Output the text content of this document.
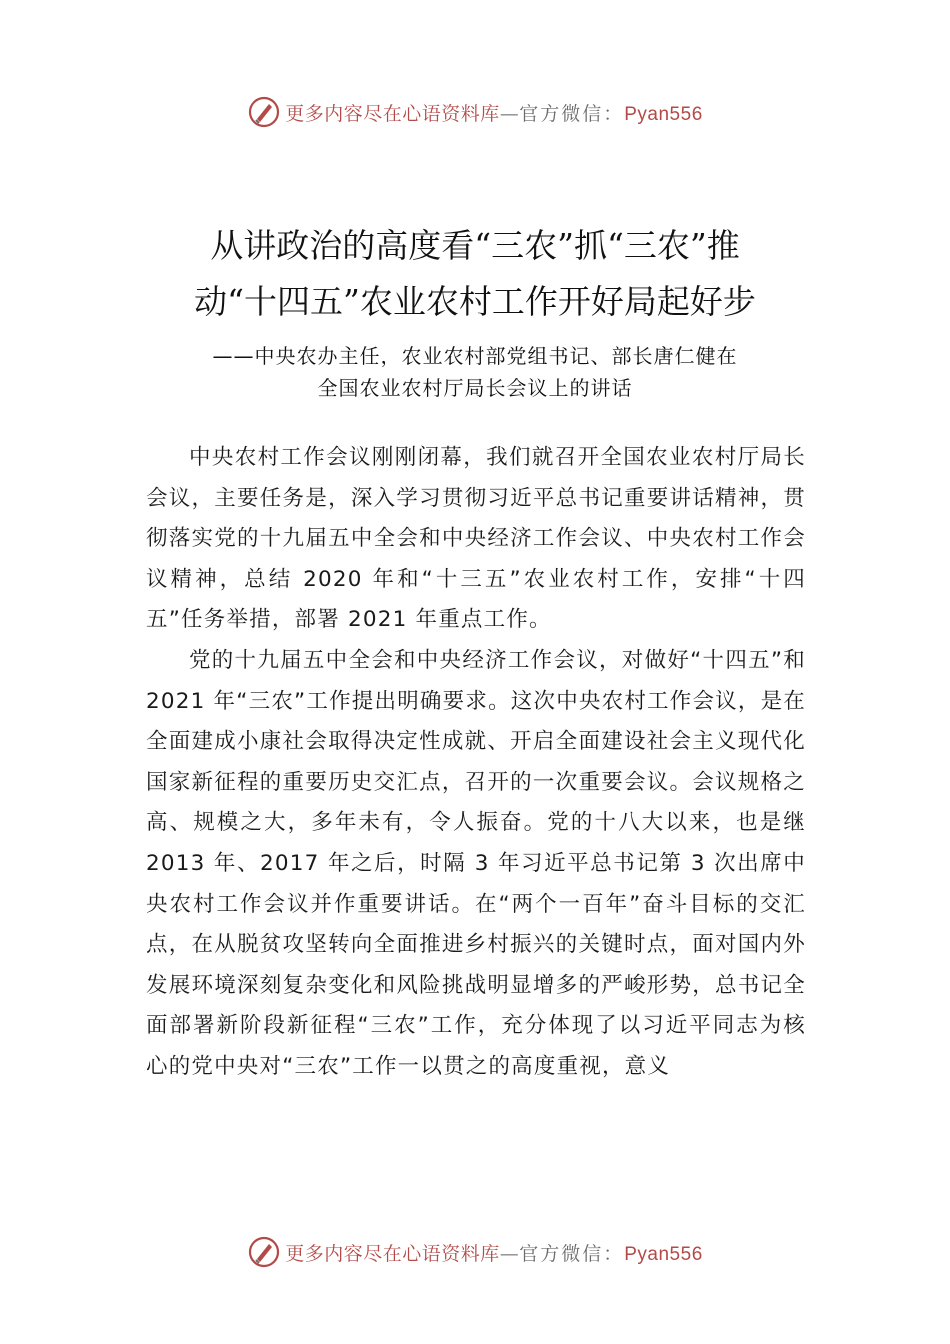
更多内容尽在心语资料库—官方微信：Pyan556
从讲政治的高度看“三农”抓“三农”推
动“十四五”农业农村工作开好局起好步

——中央农办主任，农业农村部党组书记、部长唐仁健在
全国农业农村厅局长会议上的讲话

中央农村工作会议刚刚闭幕，我们就召开全国农业农村厅局长会议，主要任务是，深入学习贯彻习近平总书记重要讲话精神，贯彻落实党的十九届五中全会和中央经济工作会议、中央农村工作会议精神，总结 2020 年和“十三五”农业农村工作，安排“十四五”任务举措，部署 2021 年重点工作。

党的十九届五中全会和中央经济工作会议，对做好“十四五”和 2021 年“三农”工作提出明确要求。这次中央农村工作会议，是在全面建成小康社会取得决定性成就、开启全面建设社会主义现代化国家新征程的重要历史交汇点，召开的一次重要会议。会议规格之高、规模之大，多年未有，令人振奋。党的十八大以来，也是继 2013 年、2017 年之后，时隔 3 年习近平总书记第 3 次出席中央农村工作会议并作重要讲话。在“两个一百年”奋斗目标的交汇点，在从脱贫攻坚转向全面推进乡村振兴的关键时点，面对国内外发展环境深刻复杂变化和风险挑战明显增多的严峻形势，总书记全面部署新阶段新征程“三农”工作，充分体现了以习近平同志为核心的党中央对“三农”工作一以贯之的高度重视，意义

更多内容尽在心语资料库—官方微信：Pyan556
